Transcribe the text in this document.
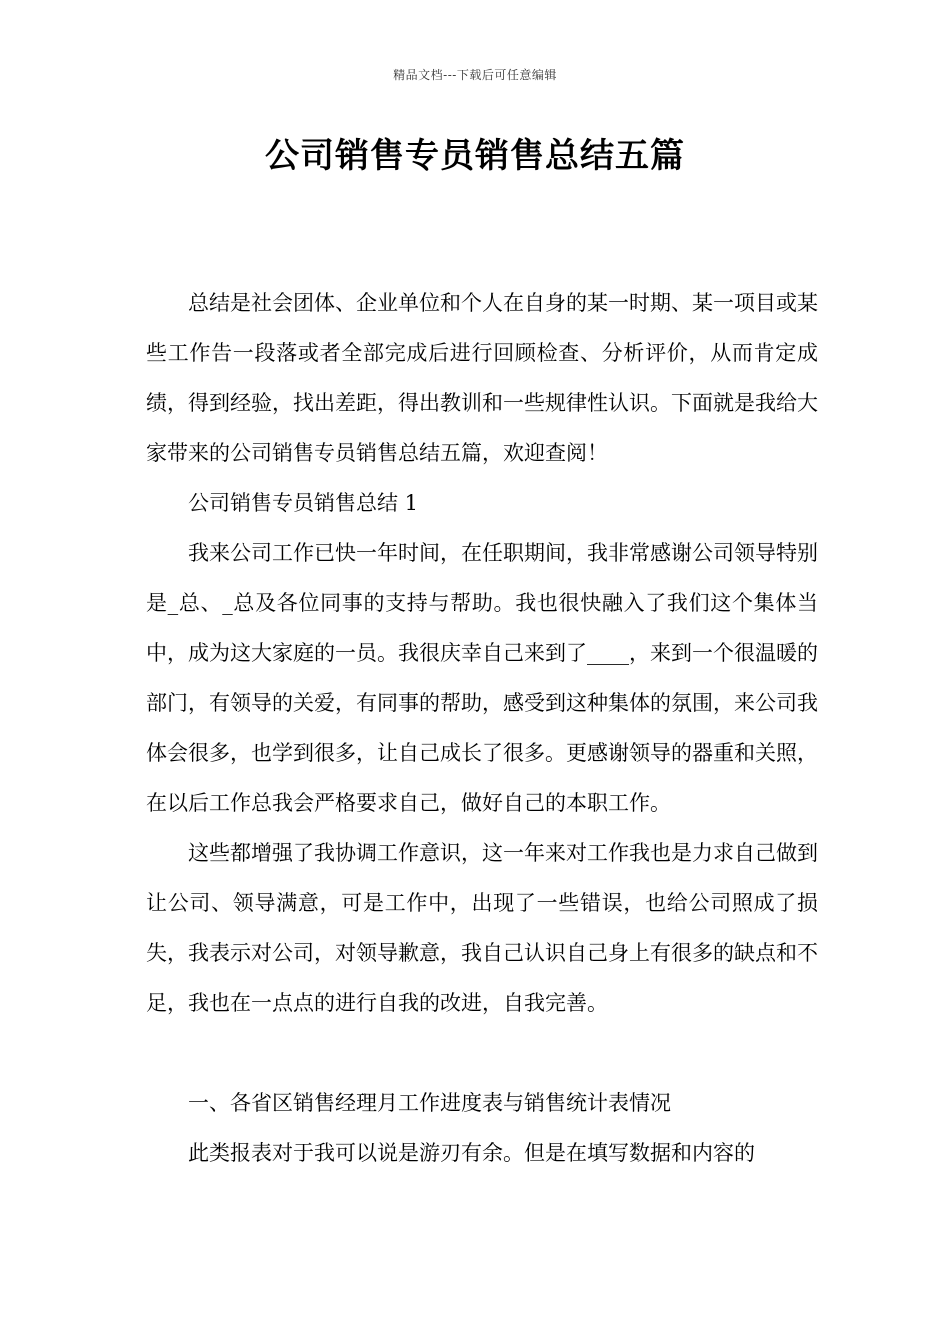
精品文档---下载后可任意编辑
公司销售专员销售总结五篇

总结是社会团体、企业单位和个人在自身的某一时期、某一项目或某些工作告一段落或者全部完成后进行回顾检查、分析评价，从而肯定成绩，得到经验，找出差距，得出教训和一些规律性认识。下面就是我给大家带来的公司销售专员销售总结五篇，欢迎查阅！

公司销售专员销售总结 1

我来公司工作已快一年时间，在任职期间，我非常感谢公司领导特别是_总、_总及各位同事的支持与帮助。我也很快融入了我们这个集体当中，成为这大家庭的一员。我很庆幸自己来到了____，来到一个很温暖的部门，有领导的关爱，有同事的帮助，感受到这种集体的氛围，来公司我体会很多，也学到很多，让自己成长了很多。更感谢领导的器重和关照，在以后工作总我会严格要求自己，做好自己的本职工作。

这些都增强了我协调工作意识，这一年来对工作我也是力求自己做到让公司、领导满意，可是工作中，出现了一些错误，也给公司照成了损失，我表示对公司，对领导歉意，我自己认识自己身上有很多的缺点和不足，我也在一点点的进行自我的改进，自我完善。

一、各省区销售经理月工作进度表与销售统计表情况

此类报表对于我可以说是游刃有余。但是在填写数据和内容的
